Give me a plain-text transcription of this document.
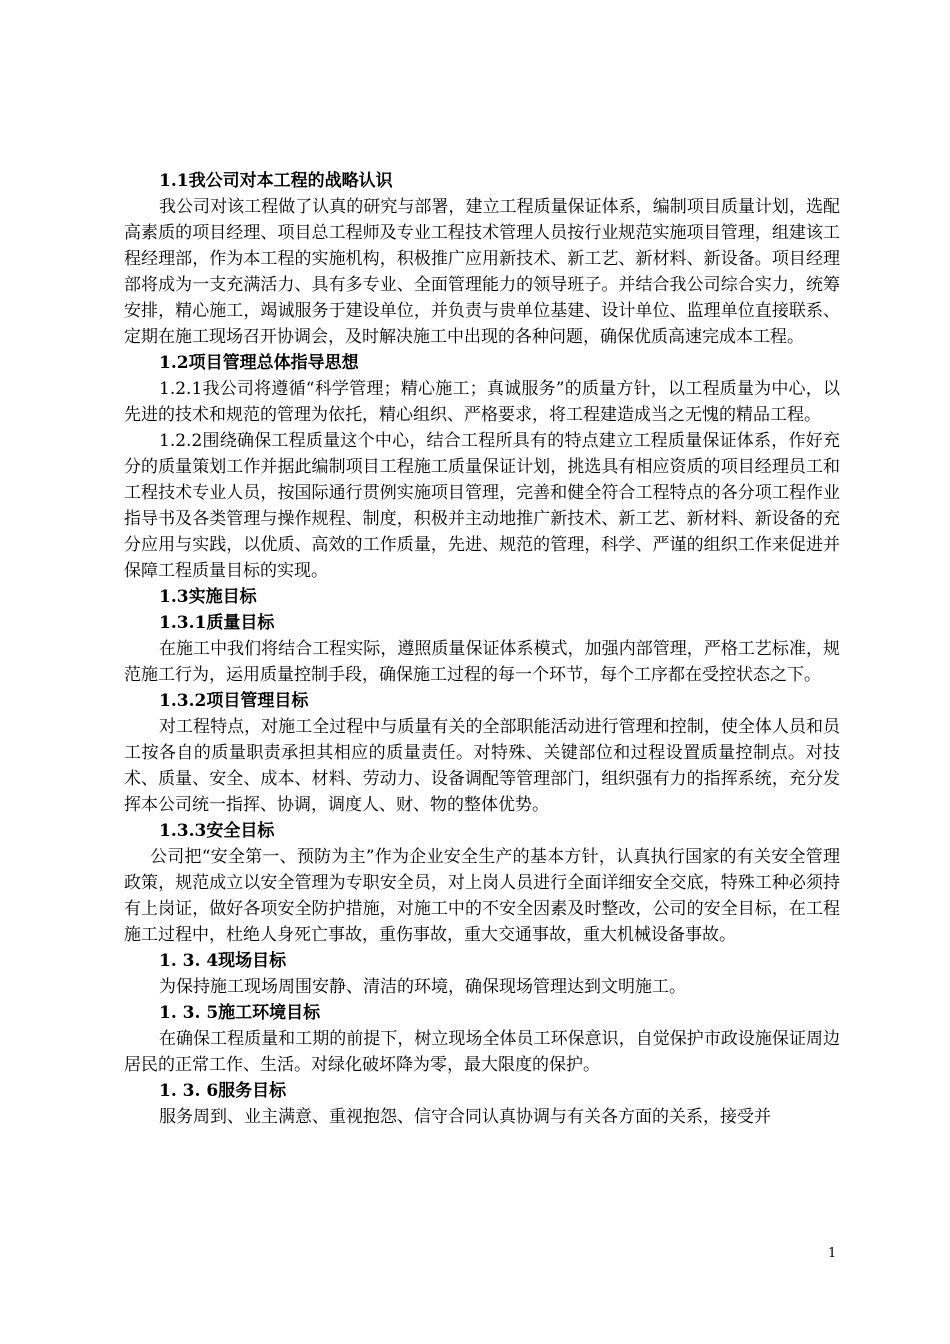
1.1我公司对本工程的战略认识

我公司对该工程做了认真的研究与部署，建立工程质量保证体系，编制项目质量计划，选配高素质的项目经理、项目总工程师及专业工程技术管理人员按行业规范实施项目管理，组建该工程经理部，作为本工程的实施机构，积极推广应用新技术、新工艺、新材料、新设备。项目经理部将成为一支充满活力、具有多专业、全面管理能力的领导班子。并结合我公司综合实力，统筹安排，精心施工，竭诚服务于建设单位，并负责与贵单位基建、设计单位、监理单位直接联系、定期在施工现场召开协调会，及时解决施工中出现的各种问题，确保优质高速完成本工程。

1.2项目管理总体指导思想

1.2.1我公司将遵循“科学管理；精心施工；真诚服务”的质量方针，以工程质量为中心，以先进的技术和规范的管理为依托，精心组织、严格要求，将工程建造成当之无愧的精品工程。

1.2.2围绕确保工程质量这个中心，结合工程所具有的特点建立工程质量保证体系，作好充分的质量策划工作并据此编制项目工程施工质量保证计划，挑选具有相应资质的项目经理员工和工程技术专业人员，按国际通行贯例实施项目管理，完善和健全符合工程特点的各分项工程作业指导书及各类管理与操作规程、制度，积极并主动地推广新技术、新工艺、新材料、新设备的充分应用与实践，以优质、高效的工作质量，先进、规范的管理，科学、严谨的组织工作来促进并保障工程质量目标的实现。

1.3实施目标

1.3.1质量目标

在施工中我们将结合工程实际，遵照质量保证体系模式，加强内部管理，严格工艺标准，规范施工行为，运用质量控制手段，确保施工过程的每一个环节，每个工序都在受控状态之下。

1.3.2项目管理目标

对工程特点，对施工全过程中与质量有关的全部职能活动进行管理和控制，使全体人员和员工按各自的质量职责承担其相应的质量责任。对特殊、关键部位和过程设置质量控制点。对技术、质量、安全、成本、材料、劳动力、设备调配等管理部门，组织强有力的指挥系统，充分发挥本公司统一指挥、协调，调度人、财、物的整体优势。

1.3.3安全目标

公司把“安全第一、预防为主”作为企业安全生产的基本方针，认真执行国家的有关安全管理政策，规范成立以安全管理为专职安全员，对上岗人员进行全面详细安全交底，特殊工种必须持有上岗证，做好各项安全防护措施，对施工中的不安全因素及时整改，公司的安全目标，在工程施工过程中，杜绝人身死亡事故，重伤事故，重大交通事故，重大机械设备事故。

1. 3. 4现场目标

为保持施工现场周围安静、清洁的环境，确保现场管理达到文明施工。

1. 3. 5施工环境目标

在确保工程质量和工期的前提下，树立现场全体员工环保意识，自觉保护市政设施保证周边居民的正常工作、生活。对绿化破坏降为零，最大限度的保护。

1. 3. 6服务目标

服务周到、业主满意、重视抱怨、信守合同认真协调与有关各方面的关系，接受并

1
